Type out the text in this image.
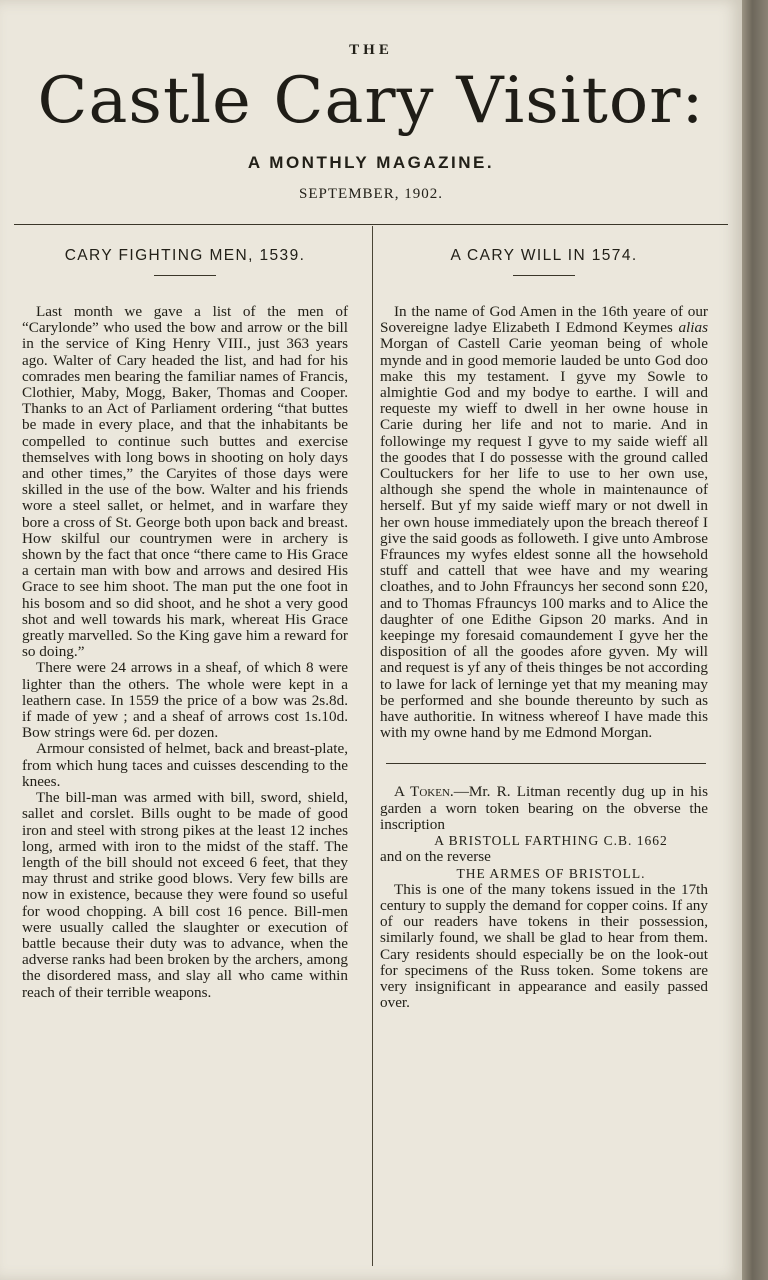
THE
Castle Cary Visitor:
A MONTHLY MAGAZINE.
SEPTEMBER, 1902.
CARY FIGHTING MEN, 1539.

Last month we gave a list of the men of “Carylonde” who used the bow and arrow or the bill in the service of King Henry VIII., just 363 years ago. Walter of Cary headed the list, and had for his comrades men bearing the familiar names of Francis, Clothier, Maby, Mogg, Baker, Thomas and Cooper. Thanks to an Act of Parliament ordering “that buttes be made in every place, and that the inhabitants be compelled to continue such buttes and exercise themselves with long bows in shooting on holy days and other times,” the Caryites of those days were skilled in the use of the bow. Walter and his friends wore a steel sallet, or helmet, and in warfare they bore a cross of St. George both upon back and breast. How skilful our countrymen were in archery is shown by the fact that once “there came to His Grace a certain man with bow and arrows and desired His Grace to see him shoot. The man put the one foot in his bosom and so did shoot, and he shot a very good shot and well towards his mark, whereat His Grace greatly marvelled. So the King gave him a reward for so doing.”

There were 24 arrows in a sheaf, of which 8 were lighter than the others. The whole were kept in a leathern case. In 1559 the price of a bow was 2s.8d. if made of yew ; and a sheaf of arrows cost 1s.10d. Bow strings were 6d. per dozen.

Armour consisted of helmet, back and breast-plate, from which hung taces and cuisses descending to the knees.

The bill-man was armed with bill, sword, shield, sallet and corslet. Bills ought to be made of good iron and steel with strong pikes at the least 12 inches long, armed with iron to the midst of the staff. The length of the bill should not exceed 6 feet, that they may thrust and strike good blows. Very few bills are now in existence, because they were found so useful for wood chopping. A bill cost 16 pence. Bill-men were usually called the slaughter or execution of battle because their duty was to advance, when the adverse ranks had been broken by the archers, among the disordered mass, and slay all who came within reach of their terrible weapons.

A CARY WILL IN 1574.

In the name of God Amen in the 16th yeare of our Sovereigne ladye Elizabeth I Edmond Keymes alias Morgan of Castell Carie yeoman being of whole mynde and in good memorie lauded be unto God doo make this my testament. I gyve my Sowle to almightie God and my bodye to earthe. I will and requeste my wieff to dwell in her owne house in Carie during her life and not to marie. And in followinge my request I gyve to my saide wieff all the goodes that I do possesse with the ground called Coultuckers for her life to use to her own use, although she spend the whole in maintenaunce of herself. But yf my saide wieff mary or not dwell in her own house immediately upon the breach thereof I give the said goods as followeth. I give unto Ambrose Ffraunces my wyfes eldest sonne all the howsehold stuff and cattell that wee have and my wearing cloathes, and to John Ffrauncys her second sonn £20, and to Thomas Ffrauncys 100 marks and to Alice the daughter of one Edithe Gipson 20 marks. And in keepinge my foresaid comaundement I gyve her the disposition of all the goodes afore gyven. My will and request is yf any of theis thinges be not according to lawe for lack of lerninge yet that my meaning may be performed and she bounde thereunto by such as have authoritie. In witness whereof I have made this with my owne hand by me Edmond Morgan.

A Token.—Mr. R. Litman recently dug up in his garden a worn token bearing on the obverse the inscription

A BRISTOLL FARTHING C.B. 1662

and on the reverse

THE ARMES OF BRISTOLL.

This is one of the many tokens issued in the 17th century to supply the demand for copper coins. If any of our readers have tokens in their possession, similarly found, we shall be glad to hear from them. Cary residents should especially be on the look-out for specimens of the Russ token. Some tokens are very insignificant in appearance and easily passed over.
